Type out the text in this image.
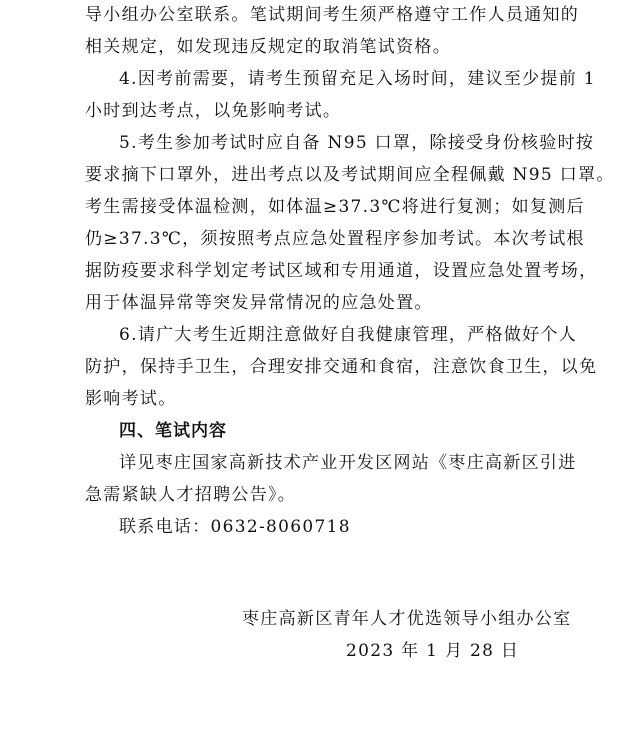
导小组办公室联系。笔试期间考生须严格遵守工作人员通知的
相关规定，如发现违反规定的取消笔试资格。
4.因考前需要，请考生预留充足入场时间，建议至少提前 1
小时到达考点，以免影响考试。
5.考生参加考试时应自备 N95 口罩，除接受身份核验时按
要求摘下口罩外，进出考点以及考试期间应全程佩戴 N95 口罩。
考生需接受体温检测，如体温≥37.3℃将进行复测；如复测后
仍≥37.3℃，须按照考点应急处置程序参加考试。本次考试根
据防疫要求科学划定考试区域和专用通道，设置应急处置考场，
用于体温异常等突发异常情况的应急处置。
6.请广大考生近期注意做好自我健康管理，严格做好个人
防护，保持手卫生，合理安排交通和食宿，注意饮食卫生，以免
影响考试。
四、笔试内容
详见枣庄国家高新技术产业开发区网站《枣庄高新区引进
急需紧缺人才招聘公告》。
联系电话：0632-8060718
枣庄高新区青年人才优选领导小组办公室
2023 年 1 月 28 日
